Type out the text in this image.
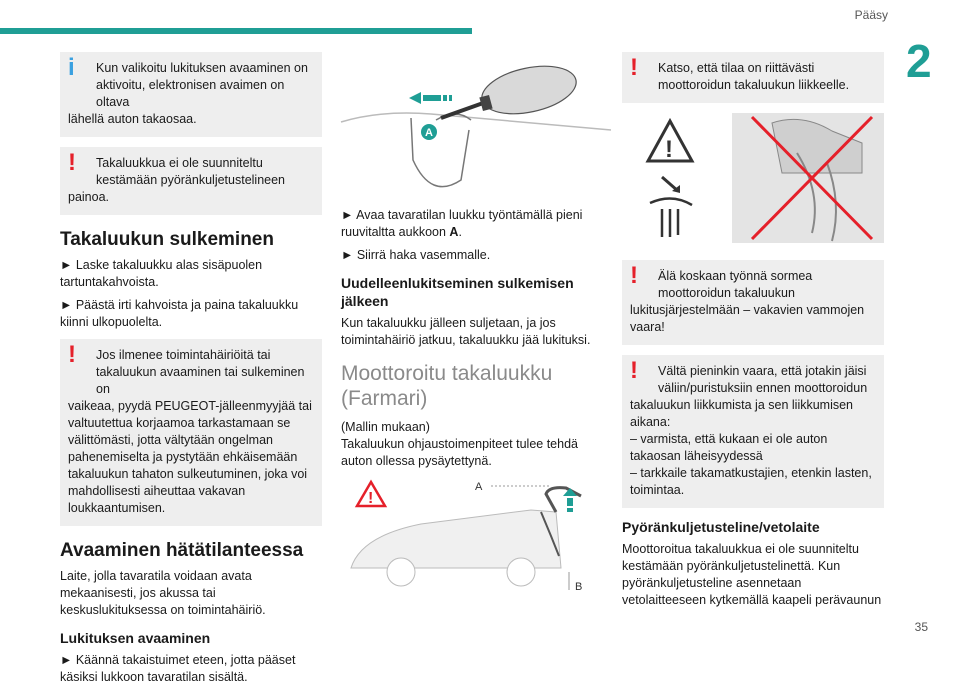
Pääsy
2
35
i	Kun valikoitu lukituksen avaaminen on aktivoitu, elektronisen avaimen on oltava
lähellä auton takaosaa.
!	Takaluukkua ei ole suunniteltu kestämään pyöränkuljetustelineen
painoa.
Takaluukun sulkeminen

► Laske takaluukku alas sisäpuolen tartuntakahvoista.

► Päästä irti kahvoista ja paina takaluukku kiinni ulkopuolelta.

!	Jos ilmenee toimintahäiriöitä tai takaluukun avaaminen tai sulkeminen on
vaikeaa, pyydä PEUGEOT-jälleenmyyjää tai valtuutettua korjaamoa tarkastamaan se välittömästi, jotta vältytään ongelman pahenemiselta ja pystytään ehkäisemään takaluukun tahaton sulkeutuminen, joka voi mahdollisesti aiheuttaa vakavan loukkaantumisen.
Avaaminen hätätilanteessa

Laite, jolla tavaratila voidaan avata mekaanisesti, jos akussa tai keskuslukituksessa on toimintahäiriö.

Lukituksen avaaminen

► Käännä takaistuimet eteen, jotta pääset käsiksi lukkoon tavaratilan sisältä.

A

► Avaa tavaratilan luukku työntämällä pieni ruuvitaltta aukkoon A.

► Siirrä haka vasemmalle.

Uudelleenlukitseminen sulkemisen jälkeen

Kun takaluukku jälleen suljetaan, ja jos toimintahäiriö jatkuu, takaluukku jää lukituksi.

Moottoroitu takaluukku (Farmari)

(Mallin mukaan)

Takaluukun ohjaustoimenpiteet tulee tehdä auton ollessa pysäytettynä.

!
A
B
!	Katso, että tilaa on riittävästi moottoroidun takaluukun liikkeelle.
!
!	Älä koskaan työnnä sormea moottoroidun takaluukun
lukitusjärjestelmään – vakavien vammojen vaara!
!	Vältä pieninkin vaara, että jotakin jäisi väliin/puristuksiin ennen moottoroidun
takaluukun liikkumista ja sen liikkumisen aikana:
– varmista, että kukaan ei ole auton takaosan läheisyydessä
– tarkkaile takamatkustajien, etenkin lasten, toimintaa.
Pyöränkuljetusteline/vetolaite

Moottoroitua takaluukkua ei ole suunniteltu kestämään pyöränkuljetustelinettä. Kun pyöränkuljetusteline asennetaan vetolaitteeseen kytkemällä kaapeli perävaunun
